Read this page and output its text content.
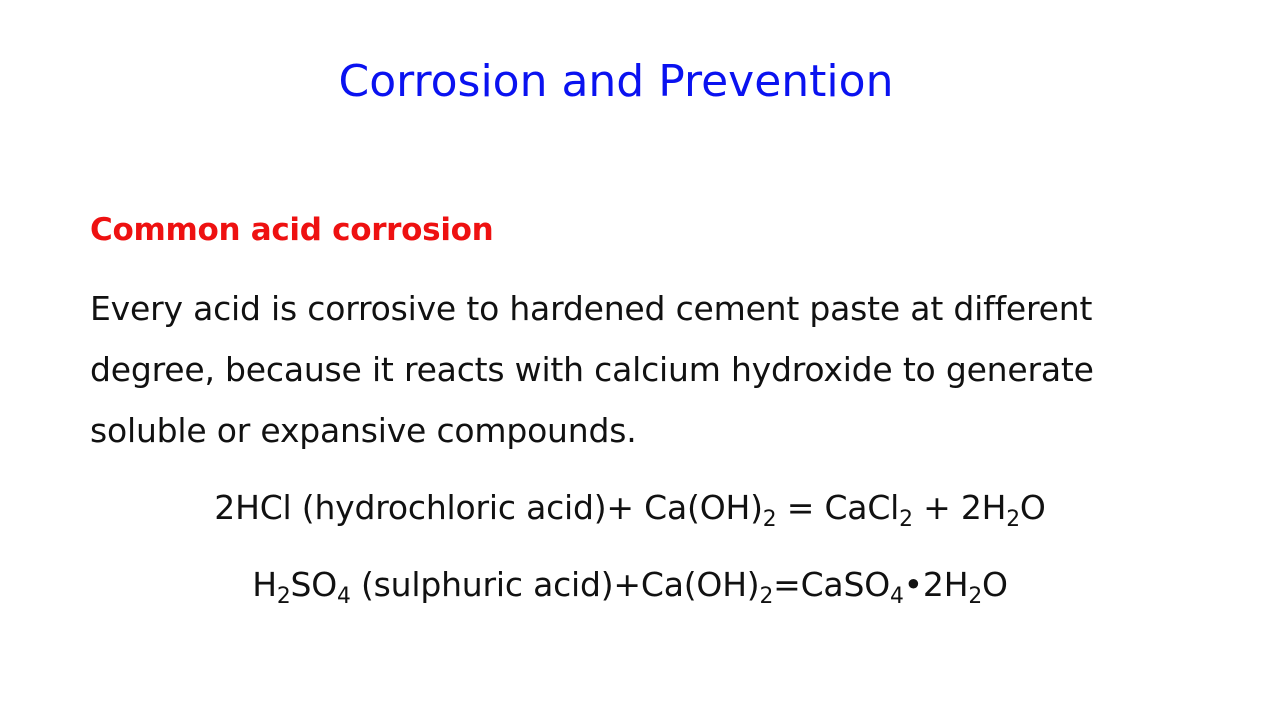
Corrosion and Prevention
Common acid corrosion
Every acid is corrosive to hardened cement paste at different
degree, because it reacts with calcium hydroxide to generate
soluble or expansive compounds.
2HCl (hydrochloric acid)+ Ca(OH)2 = CaCl2 + 2H2O
H2SO4 (sulphuric acid)+Ca(OH)2=CaSO4•2H2O
